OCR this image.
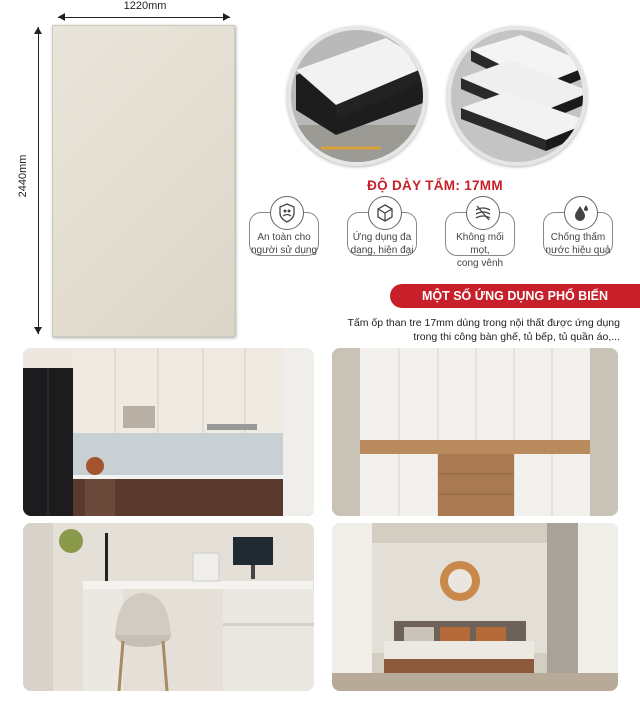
1220mm
2440mm	ĐỘ DÀY TẤM: 17MM
An toàn cho
người sử dụng
Ứng dụng đa
dạng, hiện đại
Không mối mọt,
cong vênh
Chống thấm
nước hiệu quả
MỘT SỐ ỨNG DỤNG PHỔ BIẾN
Tấm ốp than tre 17mm dùng trong nội thất được ứng dụng
trong thi công bàn ghế, tủ bếp, tủ quần áo,...
